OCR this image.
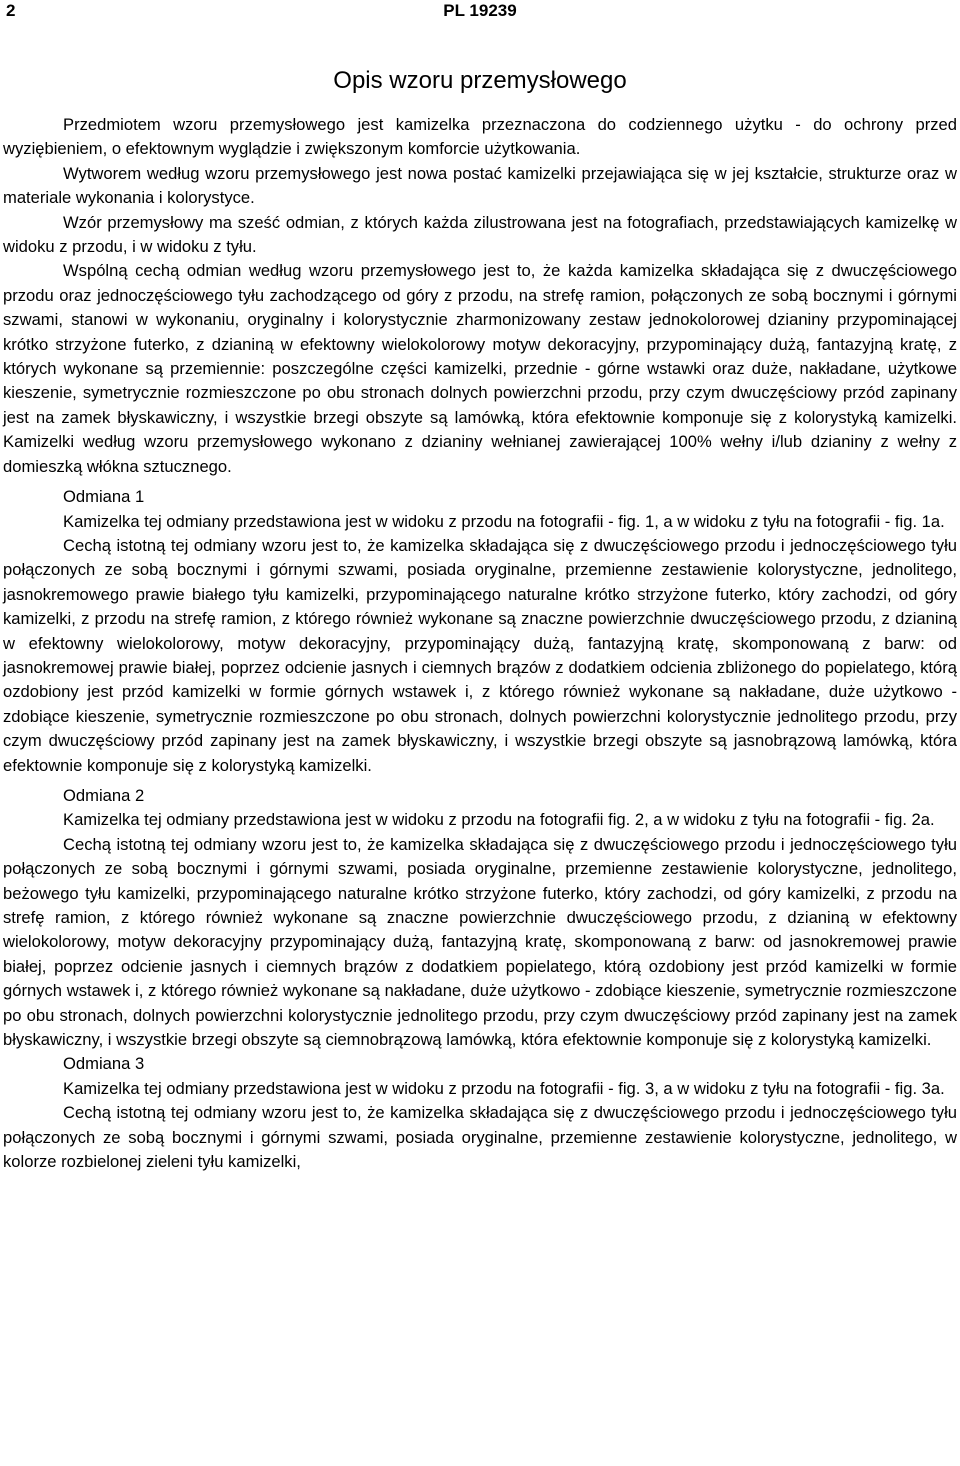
2	PL 19239
Opis wzoru przemysłowego

Przedmiotem wzoru przemysłowego jest kamizelka przeznaczona do codziennego użytku - do ochrony przed wyziębieniem, o efektownym wyglądzie i zwiększonym komforcie użytkowania.

Wytworem według wzoru przemysłowego jest nowa postać kamizelki przejawiająca się w jej kształcie, strukturze oraz w materiale wykonania i kolorystyce.

Wzór przemysłowy ma sześć odmian, z których każda zilustrowana jest na fotografiach, przedstawiających kamizelkę w widoku z przodu, i w widoku z tyłu.

Wspólną cechą odmian według wzoru przemysłowego jest to, że każda kamizelka składająca się z dwuczęściowego przodu oraz jednoczęściowego tyłu zachodzącego od góry z przodu, na strefę ramion, połączonych ze sobą bocznymi i górnymi szwami, stanowi w wykonaniu, oryginalny i kolorystycznie zharmonizowany zestaw jednokolorowej dzianiny przypominającej krótko strzyżone futerko, z dzianiną w efektowny wielokolorowy motyw dekoracyjny, przypominający dużą, fantazyjną kratę, z których wykonane są przemiennie: poszczególne części kamizelki, przednie - górne wstawki oraz duże, nakładane, użytkowe kieszenie, symetrycznie rozmieszczone po obu stronach dolnych powierzchni przodu, przy czym dwuczęściowy przód zapinany jest na zamek błyskawiczny, i wszystkie brzegi obszyte są lamówką, która efektownie komponuje się z kolorystyką kamizelki. Kamizelki według wzoru przemysłowego wykonano z dzianiny wełnianej zawierającej 100% wełny i/lub dzianiny z wełny z domieszką włókna sztucznego.

Odmiana 1

Kamizelka tej odmiany przedstawiona jest w widoku z przodu na fotografii - fig. 1, a w widoku z tyłu na fotografii - fig. 1a.

Cechą istotną tej odmiany wzoru jest to, że kamizelka składająca się z dwuczęściowego przodu i jednoczęściowego tyłu połączonych ze sobą bocznymi i górnymi szwami, posiada oryginalne, przemienne zestawienie kolorystyczne, jednolitego, jasnokremowego prawie białego tyłu kamizelki, przypominającego naturalne krótko strzyżone futerko, który zachodzi, od góry kamizelki, z przodu na strefę ramion, z którego również wykonane są znaczne powierzchnie dwuczęściowego przodu, z dzianiną w efektowny wielokolorowy, motyw dekoracyjny, przypominający dużą, fantazyjną kratę, skomponowaną z barw: od jasnokremowej prawie białej, poprzez odcienie jasnych i ciemnych brązów z dodatkiem odcienia zbliżonego do popielatego, którą ozdobiony jest przód kamizelki w formie górnych wstawek i, z którego również wykonane są nakładane, duże użytkowo - zdobiące kieszenie, symetrycznie rozmieszczone po obu stronach, dolnych powierzchni kolorystycznie jednolitego przodu, przy czym dwuczęściowy przód zapinany jest na zamek błyskawiczny, i wszystkie brzegi obszyte są jasnobrązową lamówką, która efektownie komponuje się z kolorystyką kamizelki.

Odmiana 2

Kamizelka tej odmiany przedstawiona jest w widoku z przodu na fotografii fig. 2, a w widoku z tyłu na fotografii - fig. 2a.

Cechą istotną tej odmiany wzoru jest to, że kamizelka składająca się z dwuczęściowego przodu i jednoczęściowego tyłu połączonych ze sobą bocznymi i górnymi szwami, posiada oryginalne, przemienne zestawienie kolorystyczne, jednolitego, beżowego tyłu kamizelki, przypominającego naturalne krótko strzyżone futerko, który zachodzi, od góry kamizelki, z przodu na strefę ramion, z którego również wykonane są znaczne powierzchnie dwuczęściowego przodu, z dzianiną w efektowny wielokolorowy, motyw dekoracyjny przypominający dużą, fantazyjną kratę, skomponowaną z barw: od jasnokremowej prawie białej, poprzez odcienie jasnych i ciemnych brązów z dodatkiem popielatego, którą ozdobiony jest przód kamizelki w formie górnych wstawek i, z którego również wykonane są nakładane, duże użytkowo - zdobiące kieszenie, symetrycznie rozmieszczone po obu stronach, dolnych powierzchni kolorystycznie jednolitego przodu, przy czym dwuczęściowy przód zapinany jest na zamek błyskawiczny, i wszystkie brzegi obszyte są ciemnobrązową lamówką, która efektownie komponuje się z kolorystyką kamizelki.

Odmiana 3

Kamizelka tej odmiany przedstawiona jest w widoku z przodu na fotografii - fig. 3, a w widoku z tyłu na fotografii - fig. 3a.

Cechą istotną tej odmiany wzoru jest to, że kamizelka składająca się z dwuczęściowego przodu i jednoczęściowego tyłu połączonych ze sobą bocznymi i górnymi szwami, posiada oryginalne, przemienne zestawienie kolorystyczne, jednolitego, w kolorze rozbielonej zieleni tyłu kamizelki,
